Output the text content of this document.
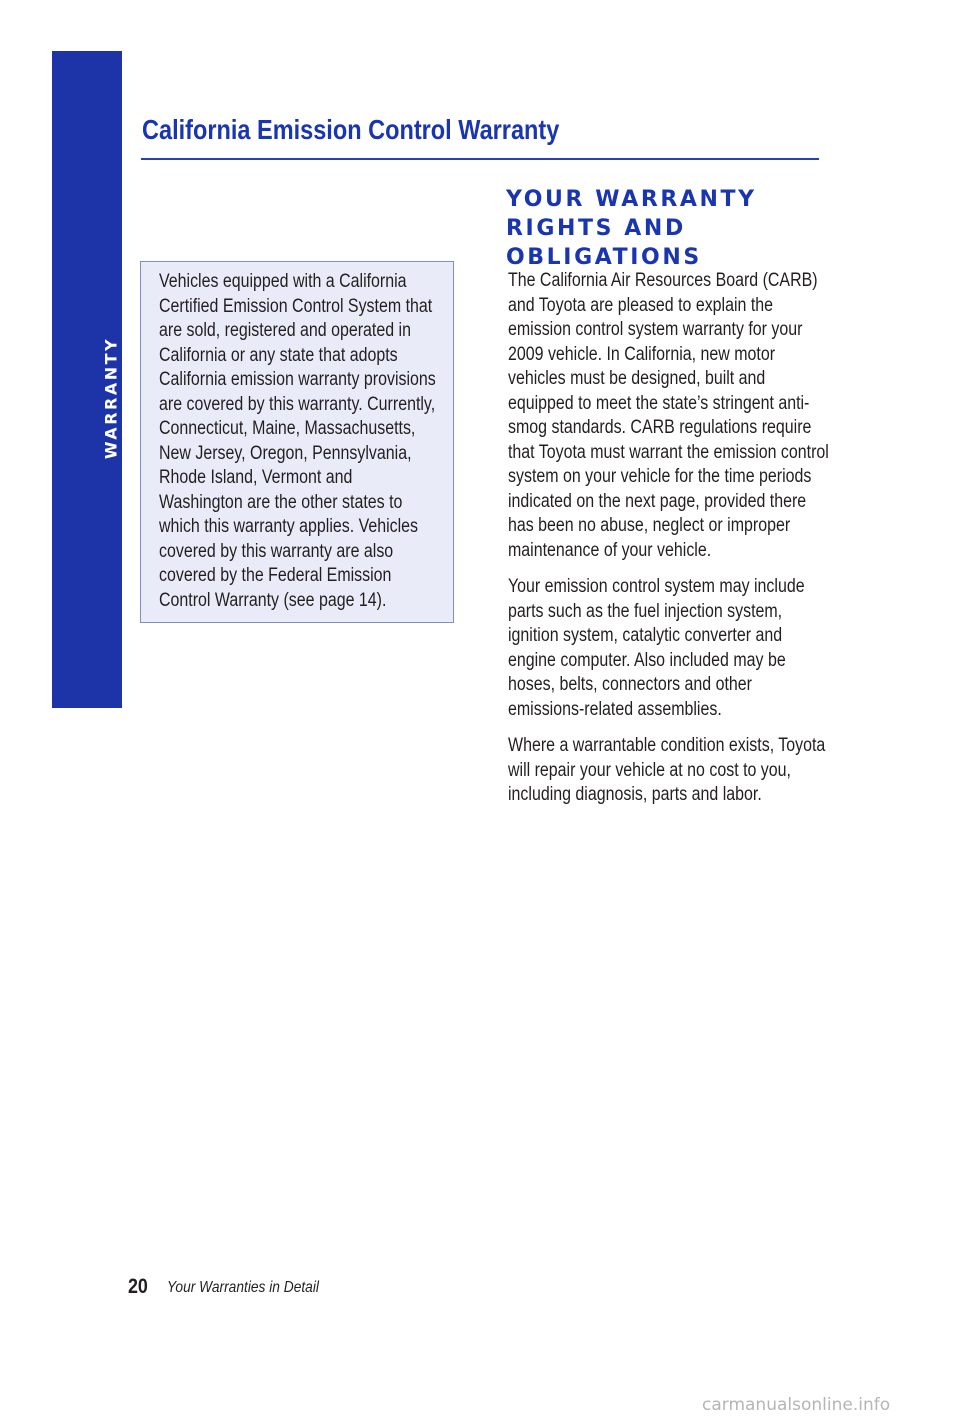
WARRANTY
California Emission Control Warranty
YOUR WARRANTY RIGHTS AND OBLIGATIONS

Vehicles equipped with a California Certified Emission Control System that are sold, registered and operated in California or any state that adopts California emission warranty provisions are covered by this warranty. Currently, Connecticut, Maine, Massachusetts, New Jersey, Oregon, Pennsylvania, Rhode Island, Vermont and Washington are the other states to which this warranty applies. Vehicles covered by this warranty are also covered by the Federal Emission Control Warranty (see page 14).

The California Air Resources Board (CARB) and Toyota are pleased to explain the emission control system warranty for your 2009 vehicle. In California, new motor vehicles must be designed, built and equipped to meet the state’s stringent anti-smog standards. CARB regulations require that Toyota must warrant the emission control system on your vehicle for the time periods indicated on the next page, provided there has been no abuse, neglect or improper maintenance of your vehicle.

Your emission control system may include parts such as the fuel injection system, ignition system, catalytic converter and engine computer. Also included may be hoses, belts, connectors and other emissions-related assemblies.

Where a warrantable condition exists, Toyota will repair your vehicle at no cost to you, including diagnosis, parts and labor.

20 Your Warranties in Detail
carmanualsonline.info
